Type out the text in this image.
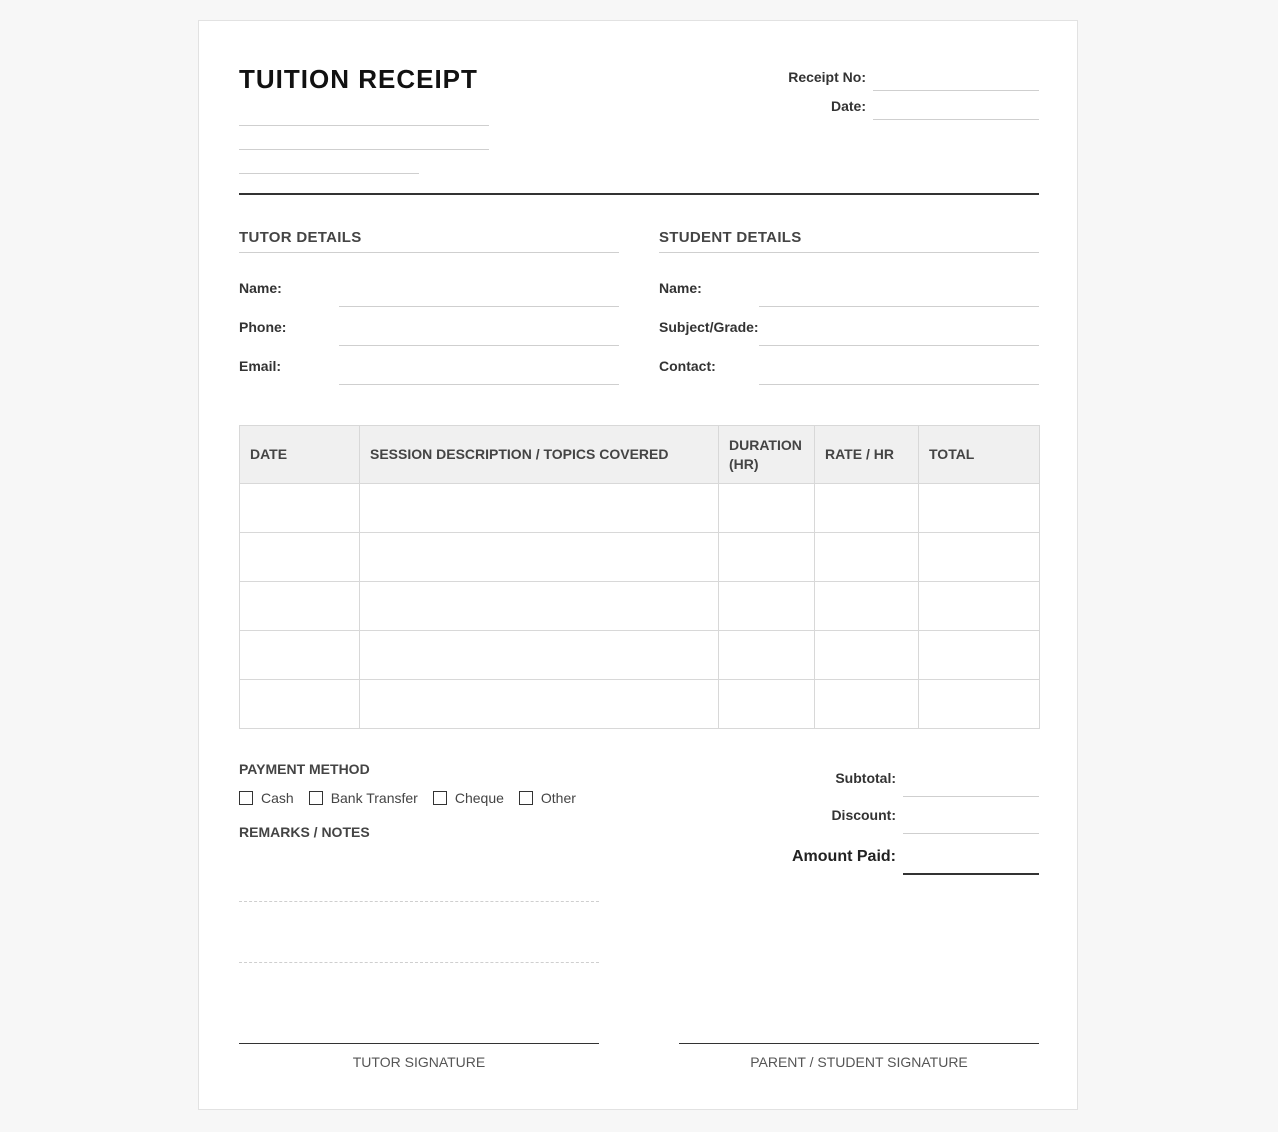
TUITION RECEIPT	Receipt No:
Date:
TUTOR DETAILS
Name:
Phone:
Email:
STUDENT DETAILS
Name:
Subject/Grade:
Contact:
DATE	SESSION DESCRIPTION / TOPICS COVERED	DURATION (HR)	RATE / HR	TOTAL

PAYMENT METHOD
Cash	Bank Transfer	Cheque	Other
REMARKS / NOTES
Subtotal:
Discount:
Amount Paid:
TUTOR SIGNATURE	PARENT / STUDENT SIGNATURE
